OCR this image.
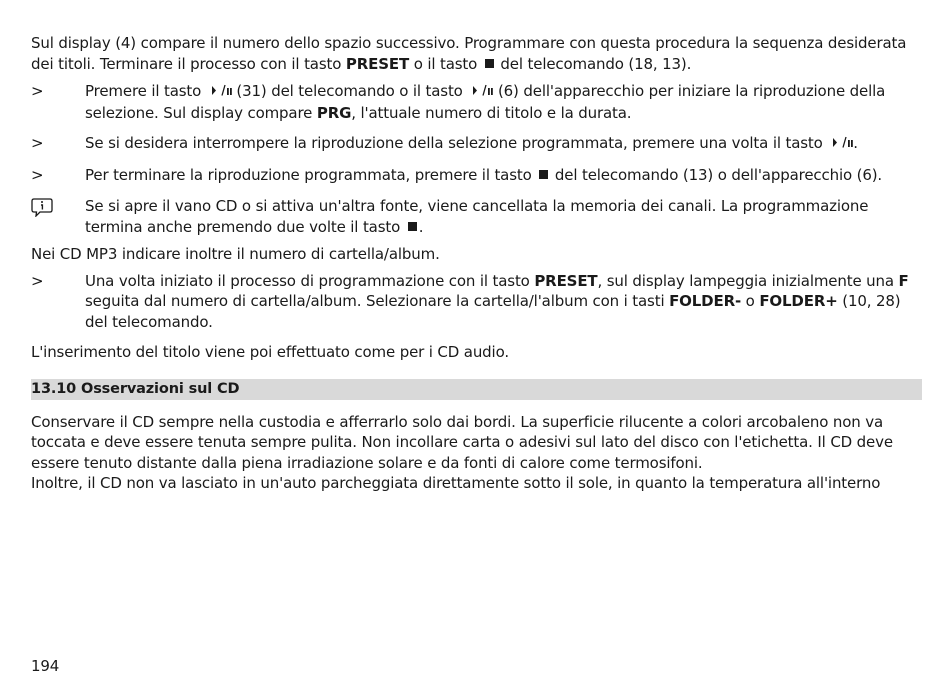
Sul display (4) compare il numero dello spazio successivo. Programmare con questa procedura la sequenza desiderata dei titoli. Terminare il processo con il tasto PRESET o il tasto  del telecomando (18, 13).

>	Premere il tasto  (31) del telecomando o il tasto  (6) dell'apparecchio per iniziare la riproduzione della selezione. Sul display compare PRG, l'attuale numero di titolo e la durata.

>	Se si desidera interrompere la riproduzione della selezione programmata, premere una volta il tasto .

>	Per terminare la riproduzione programmata, premere il tasto  del telecomando (13) o dell'apparecchio (6).

Se si apre il vano CD o si attiva un'altra fonte, viene cancellata la memoria dei canali. La programmazione termina anche premendo due volte il tasto .

Nei CD MP3 indicare inoltre il numero di cartella/album.

>	Una volta iniziato il processo di programmazione con il tasto PRESET, sul display lampeggia inizialmente una F seguita dal numero di cartella/album. Selezionare la cartella/l'album con i tasti FOLDER- o FOLDER+ (10, 28) del telecomando.

L'inserimento del titolo viene poi effettuato come per i CD audio.

13.10 Osservazioni sul CD

Conservare il CD sempre nella custodia e afferrarlo solo dai bordi. La superficie rilucente a colori arcobaleno non va toccata e deve essere tenuta sempre pulita. Non incollare carta o adesivi sul lato del disco con l'etichetta. Il CD deve essere tenuto distante dalla piena irradiazione solare e da fonti di calore come termosifoni.

Inoltre, il CD non va lasciato in un'auto parcheggiata direttamente sotto il sole, in quanto la temperatura all'interno

194
